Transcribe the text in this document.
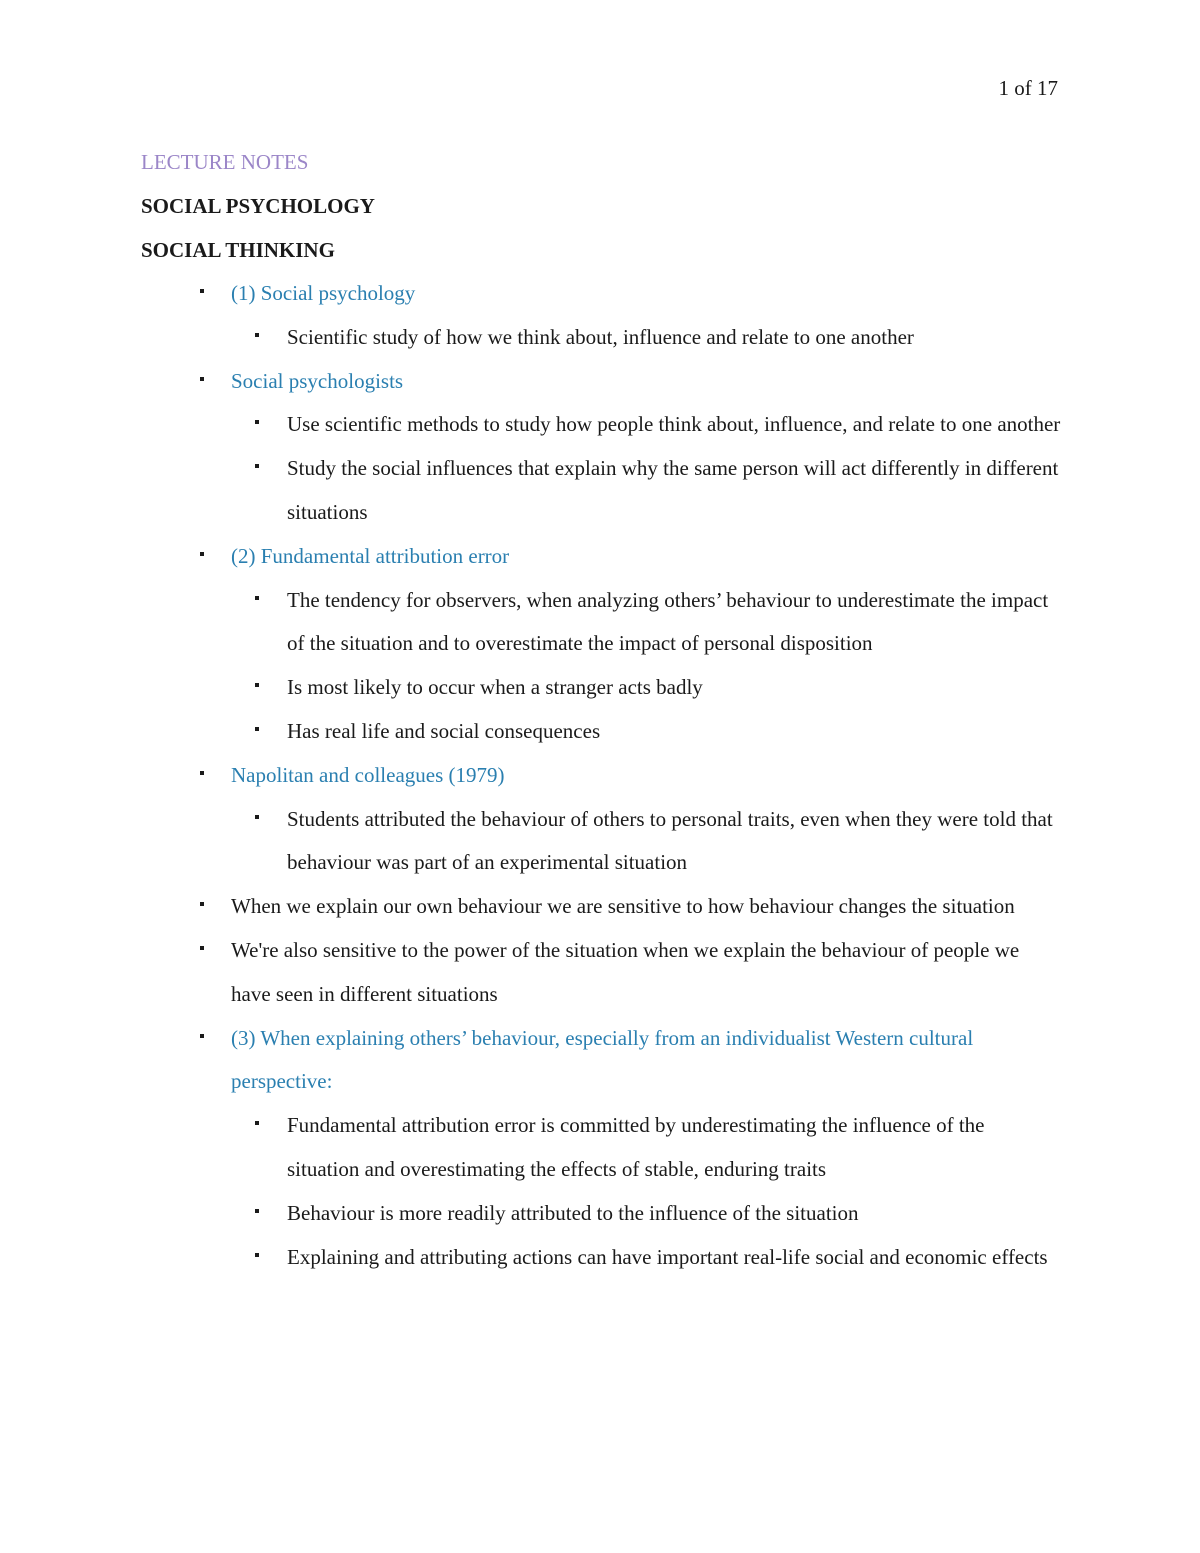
1 of 17
LECTURE NOTES
SOCIAL PSYCHOLOGY
SOCIAL THINKING
(1) Social psychology
Scientific study of how we think about, influence and relate to one another
Social psychologists
Use scientific methods to study how people think about, influence, and relate to one another
Study the social influences that explain why the same person will act differently in different situations
(2) Fundamental attribution error
The tendency for observers, when analyzing others’ behaviour to underestimate the impact of the situation and to overestimate the impact of personal disposition
Is most likely to occur when a stranger acts badly
Has real life and social consequences
Napolitan and colleagues (1979)
Students attributed the behaviour of others to personal traits, even when they were told that behaviour was part of an experimental situation
When we explain our own behaviour we are sensitive to how behaviour changes the situation
We're also sensitive to the power of the situation when we explain the behaviour of people we have seen in different situations
(3) When explaining others’ behaviour, especially from an individualist Western cultural perspective:
Fundamental attribution error is committed by underestimating the influence of the situation and overestimating the effects of stable, enduring traits
Behaviour is more readily attributed to the influence of the situation
Explaining and attributing actions can have important real-life social and economic effects
